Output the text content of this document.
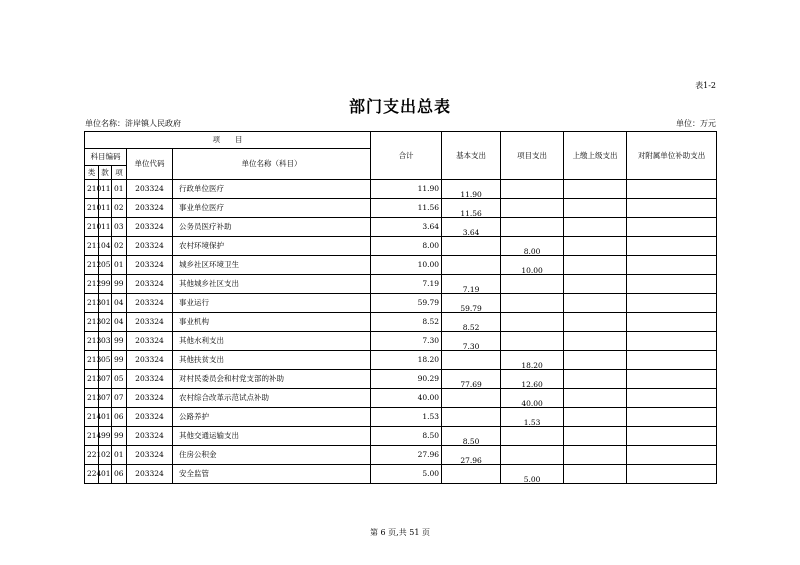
表1-2
部门支出总表
单位名称：浒岸镇人民政府	单位：万元
项　　目					合计	基本支出	项目支出	上缴上级支出	对附属单位补助支出
科目编码			单位代码	单位名称（科目）					
类	款	项							
210	11	01	203324	行政单位医疗	11.90	11.90			
210	11	02	203324	事业单位医疗	11.56	11.56			
210	11	03	203324	公务员医疗补助	3.64	3.64			
211	04	02	203324	农村环境保护	8.00		8.00		
212	05	01	203324	城乡社区环境卫生	10.00		10.00		
212	99	99	203324	其他城乡社区支出	7.19	7.19			
213	01	04	203324	事业运行	59.79	59.79			
213	02	04	203324	事业机构	8.52	8.52			
213	03	99	203324	其他水利支出	7.30	7.30			
213	05	99	203324	其他扶贫支出	18.20		18.20		
213	07	05	203324	对村民委员会和村党支部的补助	90.29	77.69	12.60		
213	07	07	203324	农村综合改革示范试点补助	40.00		40.00		
214	01	06	203324	公路养护	1.53		1.53		
214	99	99	203324	其他交通运输支出	8.50	8.50			
221	02	01	203324	住房公积金	27.96	27.96			
224	01	06	203324	安全监管	5.00		5.00		
第 6 页,共 51 页
